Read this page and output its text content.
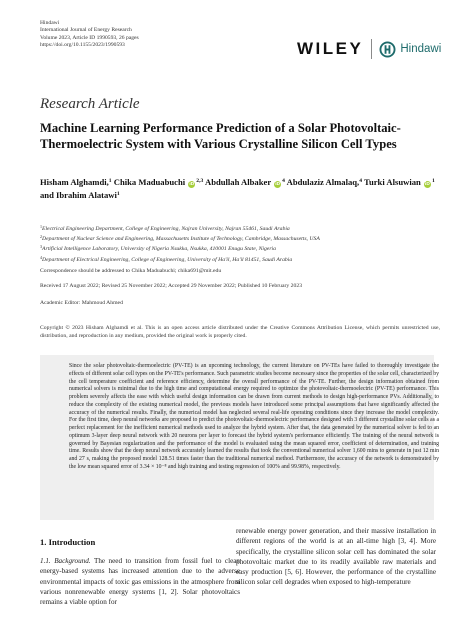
Hindawi
International Journal of Energy Research
Volume 2023, Article ID 1990593, 26 pages
https://doi.org/10.1155/2023/1990593	WILEY	Hindawi
Research Article
Machine Learning Performance Prediction of a Solar Photovoltaic-Thermoelectric System with Various Crystalline Silicon Cell Types
Hisham Alghamdi,$^1$ Chika Maduabuchi iD$^{2,3}$ Abdullah Albaker $iD^4$ Abdulaziz Almalaq,$^4$ Turki Alsuwian $iD^1$ and Ibrahim Alatawi$^1$
$^1$Electrical Engineering Department, College of Engineering, Najran University, Najran 55461, Saudi Arabia
$^2$Department of Nuclear Science and Engineering, Massachusetts Institute of Technology, Cambridge, Massachusetts, USA
$^3$Artificial Intelligence Laboratory, University of Nigeria Nsukka, Nsukka, 410001 Enugu State, Nigeria
$^4$Department of Electrical Engineering, College of Engineering, University of Ha'il, Ha'il 81451, Saudi Arabia
Correspondence should be addressed to Chika Maduabuchi; chika691@mit.edu
Received 17 August 2022; Revised 25 November 2022; Accepted 29 November 2022; Published 10 February 2023
Academic Editor: Mahmoud Ahmed

Copyright © 2023 Hisham Alghamdi et al. This is an open access article distributed under the Creative Commons Attribution License, which permits unrestricted use, distribution, and reproduction in any medium, provided the original work is properly cited.

Since the solar photovoltaic-thermoelectric (PV-TE) is an upcoming technology, the current literature on PV-TEs have failed to thoroughly investigate the effects of different solar cell types on the PV-TE's performance. Such parametric studies become necessary since the properties of the solar cell, characterized by the cell temperature coefficient and reference efficiency, determine the overall performance of the PV-TE. Further, the design information obtained from numerical solvers is minimal due to the high time and computational energy required to optimize the photovoltaic-thermoelectric (PV-TE) performance. This problem severely affects the ease with which useful design information can be drawn from current methods to design high-performance PVs. Additionally, to reduce the complexity of the existing numerical model, the previous models have introduced some principal assumptions that have significantly affected the accuracy of the numerical results. Finally, the numerical model has neglected several real-life operating conditions since they increase the model complexity. For the first time, deep neural networks are proposed to predict the photovoltaic-thermoelectric performance designed with 3 different crystalline solar cells as a perfect replacement for the inefficient numerical methods used to analyze the hybrid system. After that, the data generated by the numerical solver is fed to an optimum 3-layer deep neural network with 20 neurons per layer to forecast the hybrid system's performance efficiently. The training of the neural network is governed by Bayesian regularization and the performance of the model is evaluated using the mean squared error, coefficient of determination, and training time. Results show that the deep neural network accurately learned the results that took the conventional numerical solver 1,600 mins to generate in just 12 min and 27 s, making the proposed model 128.51 times faster than the traditional numerical method. Furthermore, the accuracy of the network is demonstrated by the low mean squared error of 3.34 × 10⁻⁸ and high training and testing regression of 100% and 99.98%, respectively.

1. Introduction

1.1. Background. The need to transition from fossil fuel to clean energy-based systems has increased attention due to the adverse environmental impacts of toxic gas emissions in the atmosphere from various nonrenewable energy systems [1, 2]. Solar photovoltaics remains a viable option for

renewable energy power generation, and their massive installation in different regions of the world is at an all-time high [3, 4]. More specifically, the crystalline silicon solar cell has dominated the solar photovoltaic market due to its readily available raw materials and easy production [5, 6]. However, the performance of the crystalline silicon solar cell degrades when exposed to high-temperature
